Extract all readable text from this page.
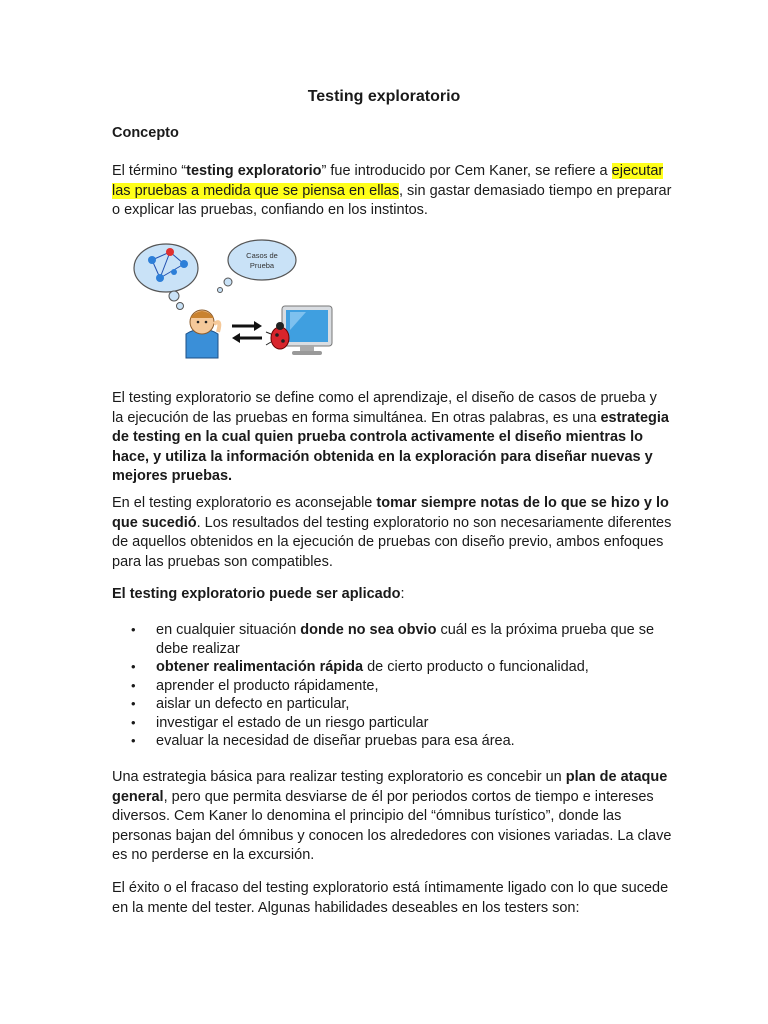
Testing exploratorio
Concepto

El término “testing exploratorio” fue introducido por Cem Kaner, se refiere a ejecutar las pruebas a medida que se piensa en ellas, sin gastar demasiado tiempo en preparar o explicar las pruebas, confiando en los instintos.

Casos de
Prueba

El testing exploratorio se define como el aprendizaje, el diseño de casos de prueba y la ejecución de las pruebas en forma simultánea. En otras palabras, es una estrategia de testing en la cual quien prueba controla activamente el diseño mientras lo hace, y utiliza la información obtenida en la exploración para diseñar nuevas y mejores pruebas.

En el testing exploratorio es aconsejable tomar siempre notas de lo que se hizo y lo que sucedió. Los resultados del testing exploratorio no son necesariamente diferentes de aquellos obtenidos en la ejecución de pruebas con diseño previo, ambos enfoques para las pruebas son compatibles.

El testing exploratorio puede ser aplicado:

• en cualquier situación donde no sea obvio cuál es la próxima prueba que se debe realizar
• obtener realimentación rápida de cierto producto o funcionalidad,
• aprender el producto rápidamente,
• aislar un defecto en particular,
• investigar el estado de un riesgo particular
• evaluar la necesidad de diseñar pruebas para esa área.

Una estrategia básica para realizar testing exploratorio es concebir un plan de ataque general, pero que permita desviarse de él por periodos cortos de tiempo e intereses diversos. Cem Kaner lo denomina el principio del “ómnibus turístico”, donde las personas bajan del ómnibus y conocen los alrededores con visiones variadas. La clave es no perderse en la excursión.

El éxito o el fracaso del testing exploratorio está íntimamente ligado con lo que sucede en la mente del tester. Algunas habilidades deseables en los testers son:
